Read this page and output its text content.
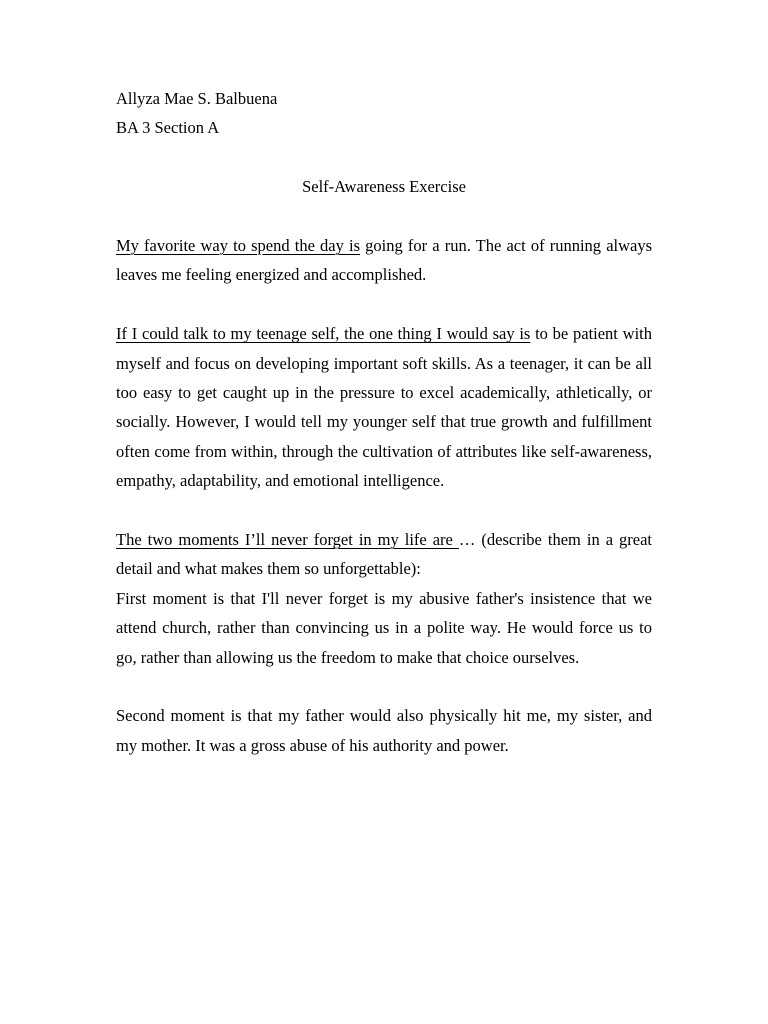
Allyza Mae S. Balbuena

BA 3 Section A

Self-Awareness Exercise

My favorite way to spend the day is going for a run. The act of running always leaves me feeling energized and accomplished.

If I could talk to my teenage self, the one thing I would say is to be patient with myself and focus on developing important soft skills. As a teenager, it can be all too easy to get caught up in the pressure to excel academically, athletically, or socially. However, I would tell my younger self that true growth and fulfillment often come from within, through the cultivation of attributes like self-awareness, empathy, adaptability, and emotional intelligence.

The two moments I’ll never forget in my life are … (describe them in a great detail and what makes them so unforgettable):

First moment is that I'll never forget is my abusive father's insistence that we attend church, rather than convincing us in a polite way. He would force us to go, rather than allowing us the freedom to make that choice ourselves.

Second moment is that my father would also physically hit me, my sister, and my mother. It was a gross abuse of his authority and power.
